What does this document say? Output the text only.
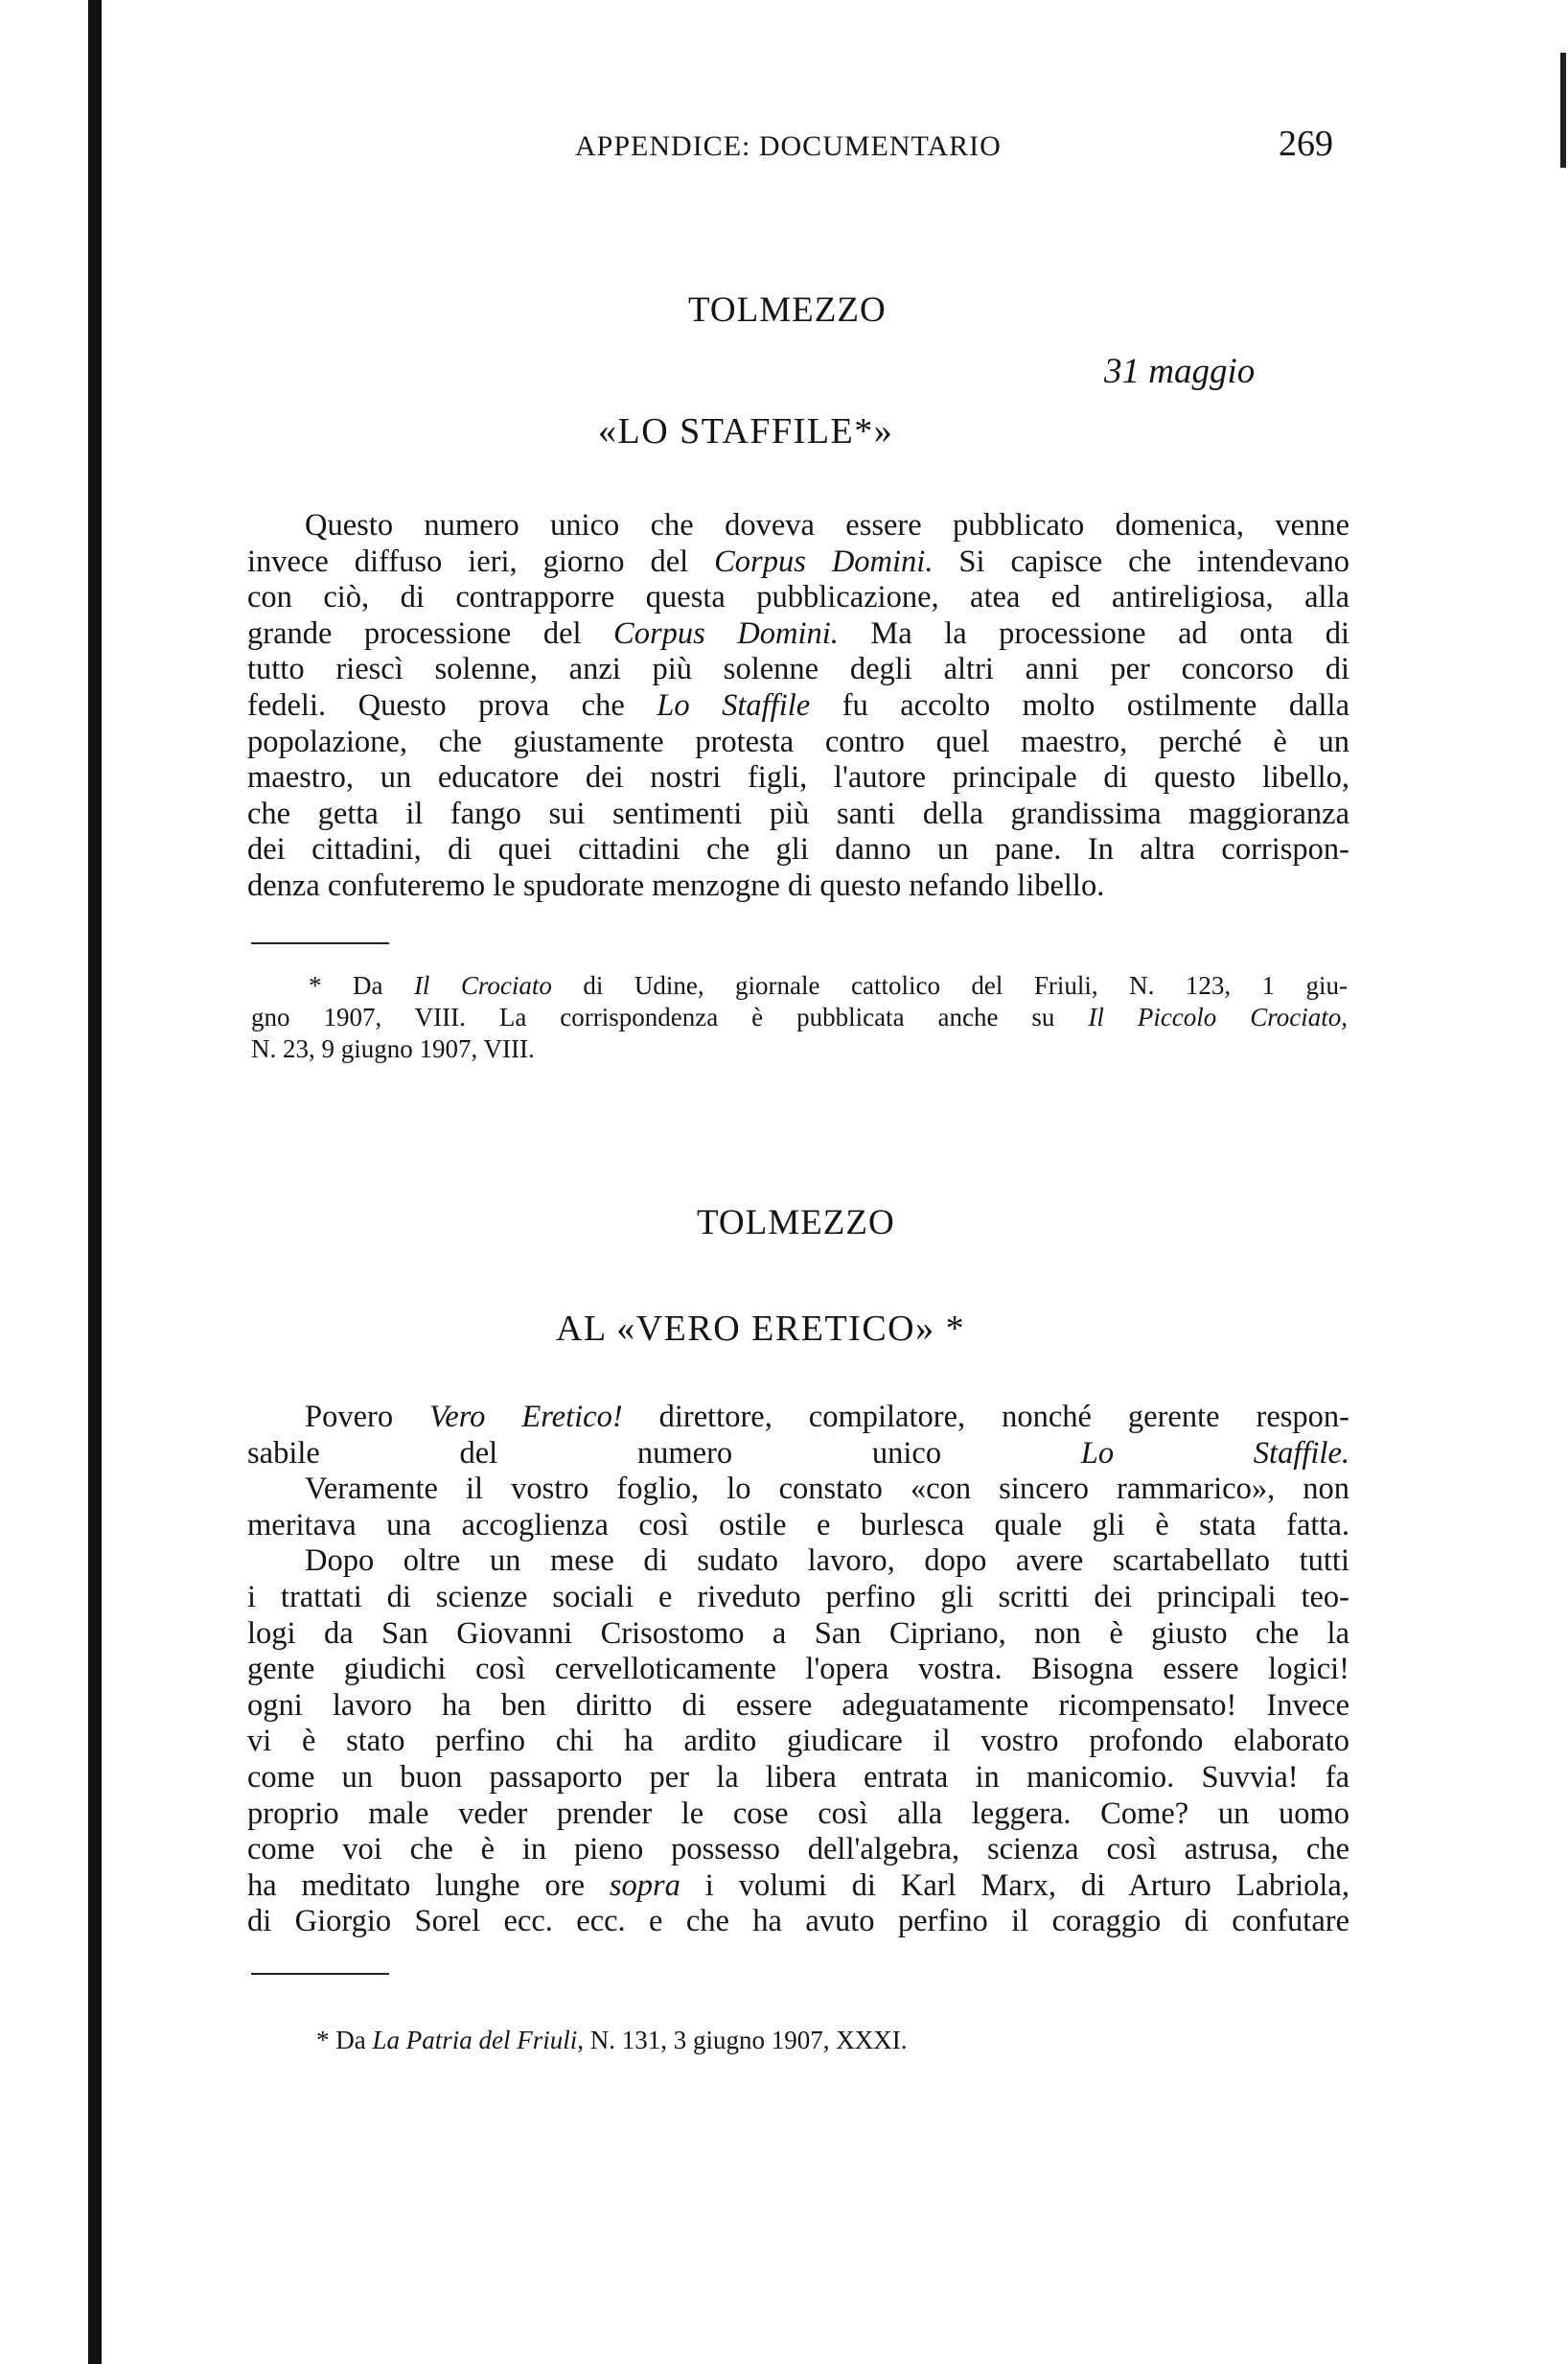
APPENDICE: DOCUMENTARIO	269
TOLMEZZO
31 maggio
«LO STAFFILE*»
Questo numero unico che doveva essere pubblicato domenica, venne
invece diffuso ieri, giorno del Corpus Domini. Si capisce che intendevano
con ciò, di contrapporre questa pubblicazione, atea ed antireligiosa, alla
grande processione del Corpus Domini. Ma la processione ad onta di
tutto riescì solenne, anzi più solenne degli altri anni per concorso di
fedeli. Questo prova che Lo Staffile fu accolto molto ostilmente dalla
popolazione, che giustamente protesta contro quel maestro, perché è un
maestro, un educatore dei nostri figli, l'autore principale di questo libello,
che getta il fango sui sentimenti più santi della grandissima maggioranza
dei cittadini, di quei cittadini che gli danno un pane. In altra corrispon-
denza confuteremo le spudorate menzogne di questo nefando libello.
* Da Il Crociato di Udine, giornale cattolico del Friuli, N. 123, 1 giu-
gno 1907, VIII. La corrispondenza è pubblicata anche su Il Piccolo Crociato,
N. 23, 9 giugno 1907, VIII.
TOLMEZZO
AL «VERO ERETICO» *
Povero Vero Eretico! direttore, compilatore, nonché gerente respon-
sabile del numero unico Lo Staffile.
Veramente il vostro foglio, lo constato «con sincero rammarico», non
meritava una accoglienza così ostile e burlesca quale gli è stata fatta.
Dopo oltre un mese di sudato lavoro, dopo avere scartabellato tutti
i trattati di scienze sociali e riveduto perfino gli scritti dei principali teo-
logi da San Giovanni Crisostomo a San Cipriano, non è giusto che la
gente giudichi così cervelloticamente l'opera vostra. Bisogna essere logici!
ogni lavoro ha ben diritto di essere adeguatamente ricompensato! Invece
vi è stato perfino chi ha ardito giudicare il vostro profondo elaborato
come un buon passaporto per la libera entrata in manicomio. Suvvia! fa
proprio male veder prender le cose così alla leggera. Come? un uomo
come voi che è in pieno possesso dell'algebra, scienza così astrusa, che
ha meditato lunghe ore sopra i volumi di Karl Marx, di Arturo Labriola,
di Giorgio Sorel ecc. ecc. e che ha avuto perfino il coraggio di confutare
* Da La Patria del Friuli, N. 131, 3 giugno 1907, XXXI.
